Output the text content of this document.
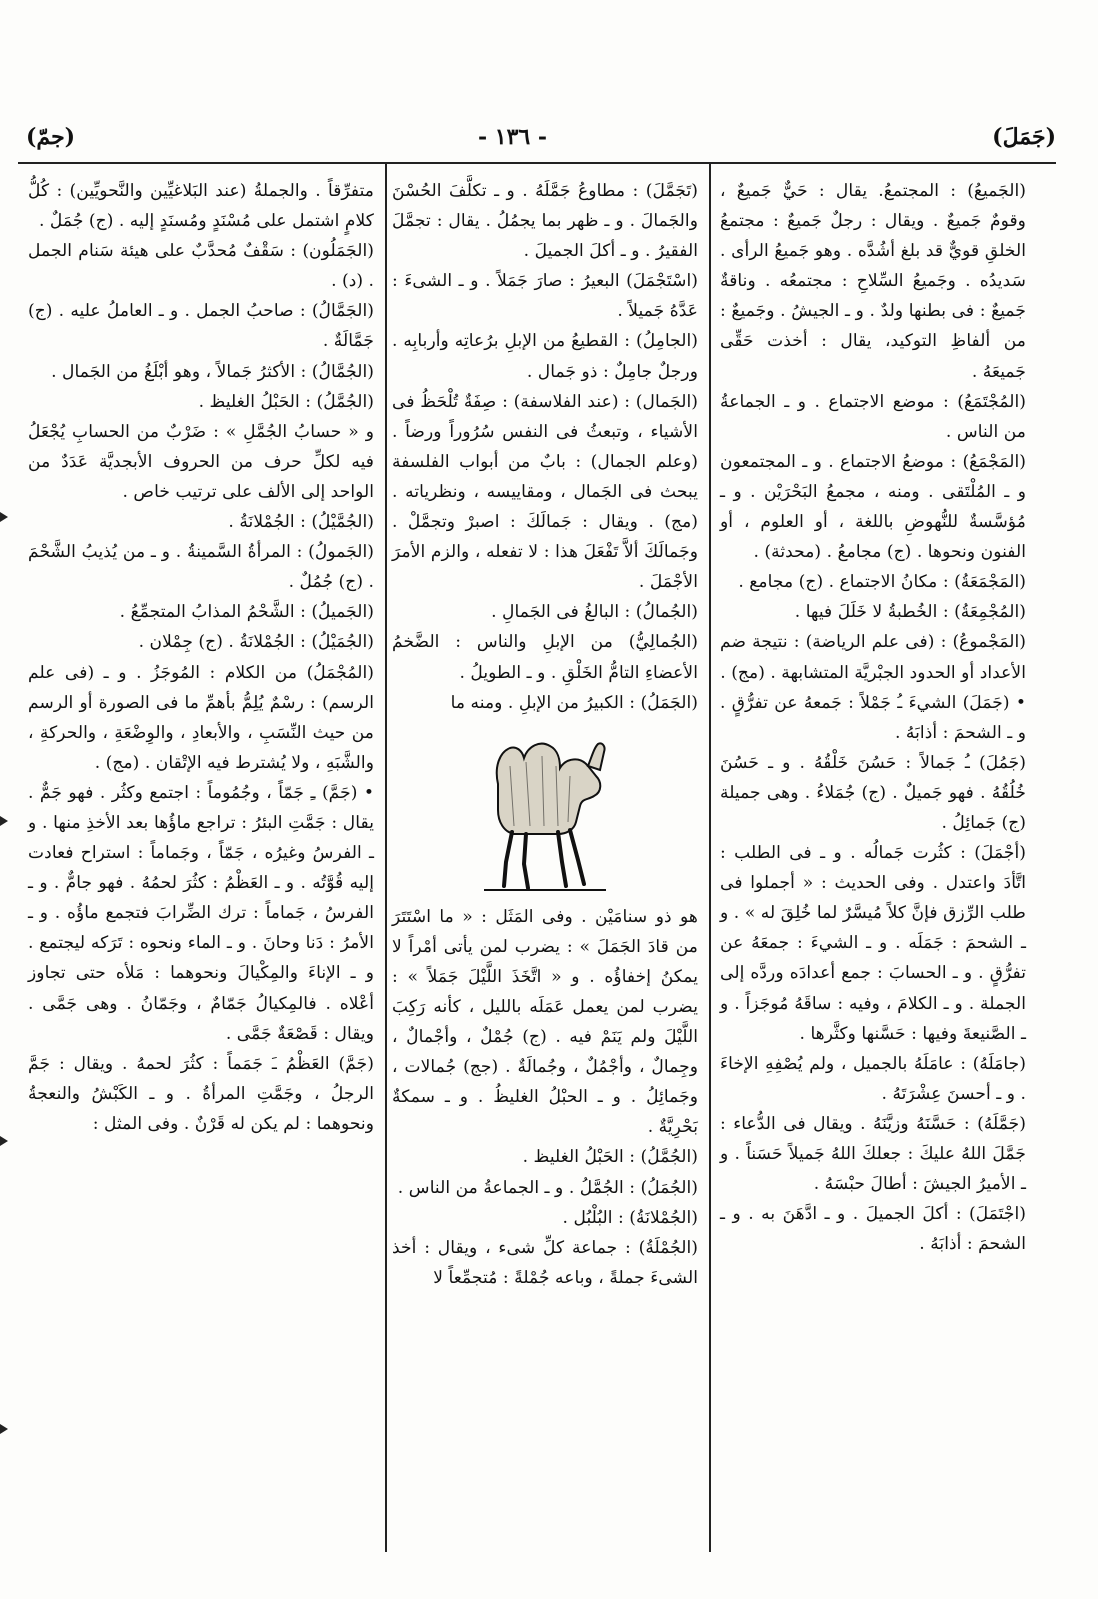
(جمّ)	- ١٣٦ -	(جَمَلَ)

(الجَميعُ) : المجتمعُ. يقال : حَيٌّ جَميعٌ ، وقومٌ جَميعٌ . ويقال : رجلٌ جَميعٌ : مجتمعُ الخلقِ قويٌّ قد بلغ أشُدَّه . وهو جَميعُ الرأى . سَديدُه . وجَميعُ السِّلاحِ : مجتمعُه . وناقةٌ جَميعٌ : فى بطنها ولدٌ . و ـ الجيشُ . وجَميعٌ : من ألفاظِ التوكيد، يقال : أخذت حَقِّى جَميعَهُ .

(المُجْتَمَعُ) : موضع الاجتماع . و ـ الجماعةُ من الناس .

(المَجْمَعُ) : موضعُ الاجتماع . و ـ المجتمعون و ـ المُلْتَقى . ومنه ، مجمعُ البَحْرَيْن . و ـ مُؤسَّسةٌ للنُّهوضِ باللغة ، أو العلوم ، أو الفنون ونحوها . (ج) مجامعُ . (محدثة) .

(المَجْمَعَةُ) : مكانُ الاجتماع . (ج) مجامع .

(المُجْمِعَةُ) : الخُطبةُ لا خَلَلَ فيها .

(المَجْموعُ) : (فى علم الرياضة) : نتيجة ضم الأعداد أو الحدود الجبْريَّة المتشابهة . (مج) .

• (جَمَلَ) الشيءَ ـُ جَمْلاً : جَمعهُ عن تفرُّقٍ . و ـ الشحمَ : أذابَهُ .

(جَمُلَ) ـُ جَمالاً : حَسُنَ خَلْقُهُ . و ـ حَسُنَ خُلُقُهُ . فهو جَميلٌ . (ج) جُمَلاءُ . وهى جميلة (ج) جَمائِلُ .

(أجْمَلَ) : كثُرت جَمالُه . و ـ فى الطلب : اتَّأدَ واعتدل . وفى الحديث : « أجملوا فى طلب الرِّزق فإنَّ كلاً مُيسَّرٌ لما خُلِقَ له » . و ـ الشحمَ : جَمَلَه . و ـ الشيءَ : جمعَهُ عن تفرُّقٍ . و ـ الحسابَ : جمع أعدادَه وردَّه إلى الجملة . و ـ الكلامَ ، وفيه : ساقَهُ مُوجَزاً . و ـ الصَّنيعةَ وفيها : حَسَّنها وكثَّرها .

(جامَلَهُ) : عامَلَهُ بالجميل ، ولم يُصْفِهِ الإخاءَ . و ـ أحسنَ عِشْرَتَهُ .

(جَمَّلَهُ) : حَسَّنَهُ وزيَّنَهُ . ويقال فى الدُّعاء : جَمَّلَ اللهُ عليكَ : جعلكَ اللهُ جَميلاً حَسَناً . و ـ الأميرُ الجيشَ : أطالَ حبْسَهُ .

(اجْتَمَلَ) : أكلَ الجميلَ . و ـ ادَّهَنَ به . و ـ الشحمَ : أذابَهُ .

(تَجَمَّلَ) : مطاوعُ جَمَّلَهُ . و ـ تكلَّفَ الحُسْنَ والجَمالَ . و ـ ظهر بما يجمُلُ . يقال : تجمَّلَ الفقيرُ . و ـ أكلَ الجميلَ .

(اسْتَجْمَلَ) البعيرُ : صارَ جَمَلاً . و ـ الشىءَ : عَدَّهُ جَميلاً .

(الجامِلُ) : القطيعُ من الإبلِ برُعاتِه وأربابِه . ورجلٌ جامِلٌ : ذو جَمال .

(الجَمال) : (عند الفلاسفة) : صِفَةٌ تُلْحَظُ فى الأشياء ، وتبعثُ فى النفس سُرُوراً ورضاً . (وعلم الجمال) : بابٌ من أبواب الفلسفة يبحث فى الجَمال ، ومقاييسه ، ونظرياته . (مج) . ويقال : جَمالَكَ : اصبرْ وتجمَّلْ . وجَمالَكَ ألاَّ تَفْعَلَ هذا : لا تفعله ، والزم الأمرَ الأجْمَلَ .

(الجُمالُ) : البالغُ فى الجَمالِ .

(الجُمالِيُّ) من الإبلِ والناس : الضَّخمُ الأعضاءِ التامُّ الخَلْقِ . و ـ الطويلُ .

(الجَمَلُ) : الكبيرُ من الإبلِ . ومنه ما

هو ذو سنامَيْن . وفى المَثَل : « ما اسْتَتَرَ من قادَ الجَمَلَ » : يضرب لمن يأتى أمْراً لا يمكنُ إخفاؤُه . و « اتَّخَذَ اللَّيْلَ جَمَلاً » : يضرب لمن يعمل عَمَلَه بالليل ، كأنه رَكِبَ اللَّيْلَ ولم يَنَمْ فيه . (ج) جُمْلٌ ، وأجْمالٌ ، وجِمالٌ ، وأجْمُلٌ ، وجُمالَةٌ . (جج) جُمالات ، وجَمائِلُ . و ـ الحبْلُ الغليظُ . و ـ سمكةٌ بَحْرِيَّةٌ .

(الجُمَّلُ) : الحَبْلُ الغليظ .

(الجُمَلُ) : الجُمَّلُ . و ـ الجماعةُ من الناس .

(الجُمْلانَةُ) : البُلْبُل .

(الجُمْلَةُ) : جماعة كلِّ شىء ، ويقال : أخذ الشىءَ جملةً ، وباعه جُمْلةً : مُتجمِّعاً لا

متفرِّقاً . والجملةُ (عند البَلاغيِّين والنَّحويِّين) : كُلُّ كلامٍ اشتمل على مُسْنَدٍ ومُسنَدٍ إليه . (ج) جُمَلٌ .

(الجَمَلُون) : سَقْفٌ مُحدَّبٌ على هيئة سَنام الجمل . (د) .

(الجَمَّالُ) : صاحبُ الجمل . و ـ العاملُ عليه . (ج) جَمَّالَةٌ .

(الجُمَّالُ) : الأكثرُ جَمالاً ، وهو أبْلَغُ من الجَمال .

(الجُمَّلُ) : الحَبْلُ الغليظ .

و « حسابُ الجُمَّلِ » : ضَرْبٌ من الحسابِ يُجْعَلُ فيه لكلِّ حرف من الحروف الأبجديَّة عَدَدٌ من الواحد إلى الألف على ترتيب خاص .

(الجُمَّيْلُ) : الجُمْلانَةُ .

(الجَمولُ) : المرأةُ السَّمينةُ . و ـ من يُذيبُ الشَّحْمَ . (ج) جُمُلٌ .

(الجَميلُ) : الشَّحْمُ المذابُ المتجمِّعُ .

(الجُمَيْلُ) : الجُمْلانَةُ . (ج) جِمْلان .

(المُجْمَلُ) من الكلام : المُوجَزُ . و ـ (فى علم الرسم) : رسْمٌ يُلِمُّ بأهمِّ ما فى الصورة أو الرسم من حيث النِّسَبِ ، والأبعادِ ، والوِضْعَةِ ، والحركةِ ، والشَّبَهِ ، ولا يُشترط فيه الإتْقان . (مج) .

• (جَمَّ) ـِ جَمّاً ، وجُمُوماً : اجتمع وكثُر . فهو جَمٌّ . يقال : جَمَّتِ البئرُ : تراجع ماؤُها بعد الأخذِ منها . و ـ الفرسُ وغيرُه ، جَمّاً ، وجَماماً : استراح فعادت إليه قُوَّتُه . و ـ العَظْمُ : كثُرَ لحمُهُ . فهو جامٌّ . و ـ الفرسُ ، جَماماً : ترك الضِّرابَ فتجمع ماؤُه . و ـ الأمرُ : دَنا وحانَ . و ـ الماء ونحوه : تَرَكه ليجتمع . و ـ الإناءَ والمِكْيالَ ونحوهما : مَلأه حتى تجاوز أعْلاه . فالمِكيالُ جَمّامٌ ، وجَمّانُ . وهى جَمَّى . ويقال : قَصْعَةٌ جَمَّى .

(جَمَّ) العَظْمُ ـَ جَمَماً : كثُرَ لحمهُ . ويقال : جَمَّ الرجلُ ، وجَمَّتِ المرأةُ . و ـ الكَبْشُ والنعجةُ ونحوهما : لم يكن له قَرْنٌ . وفى المثل :
